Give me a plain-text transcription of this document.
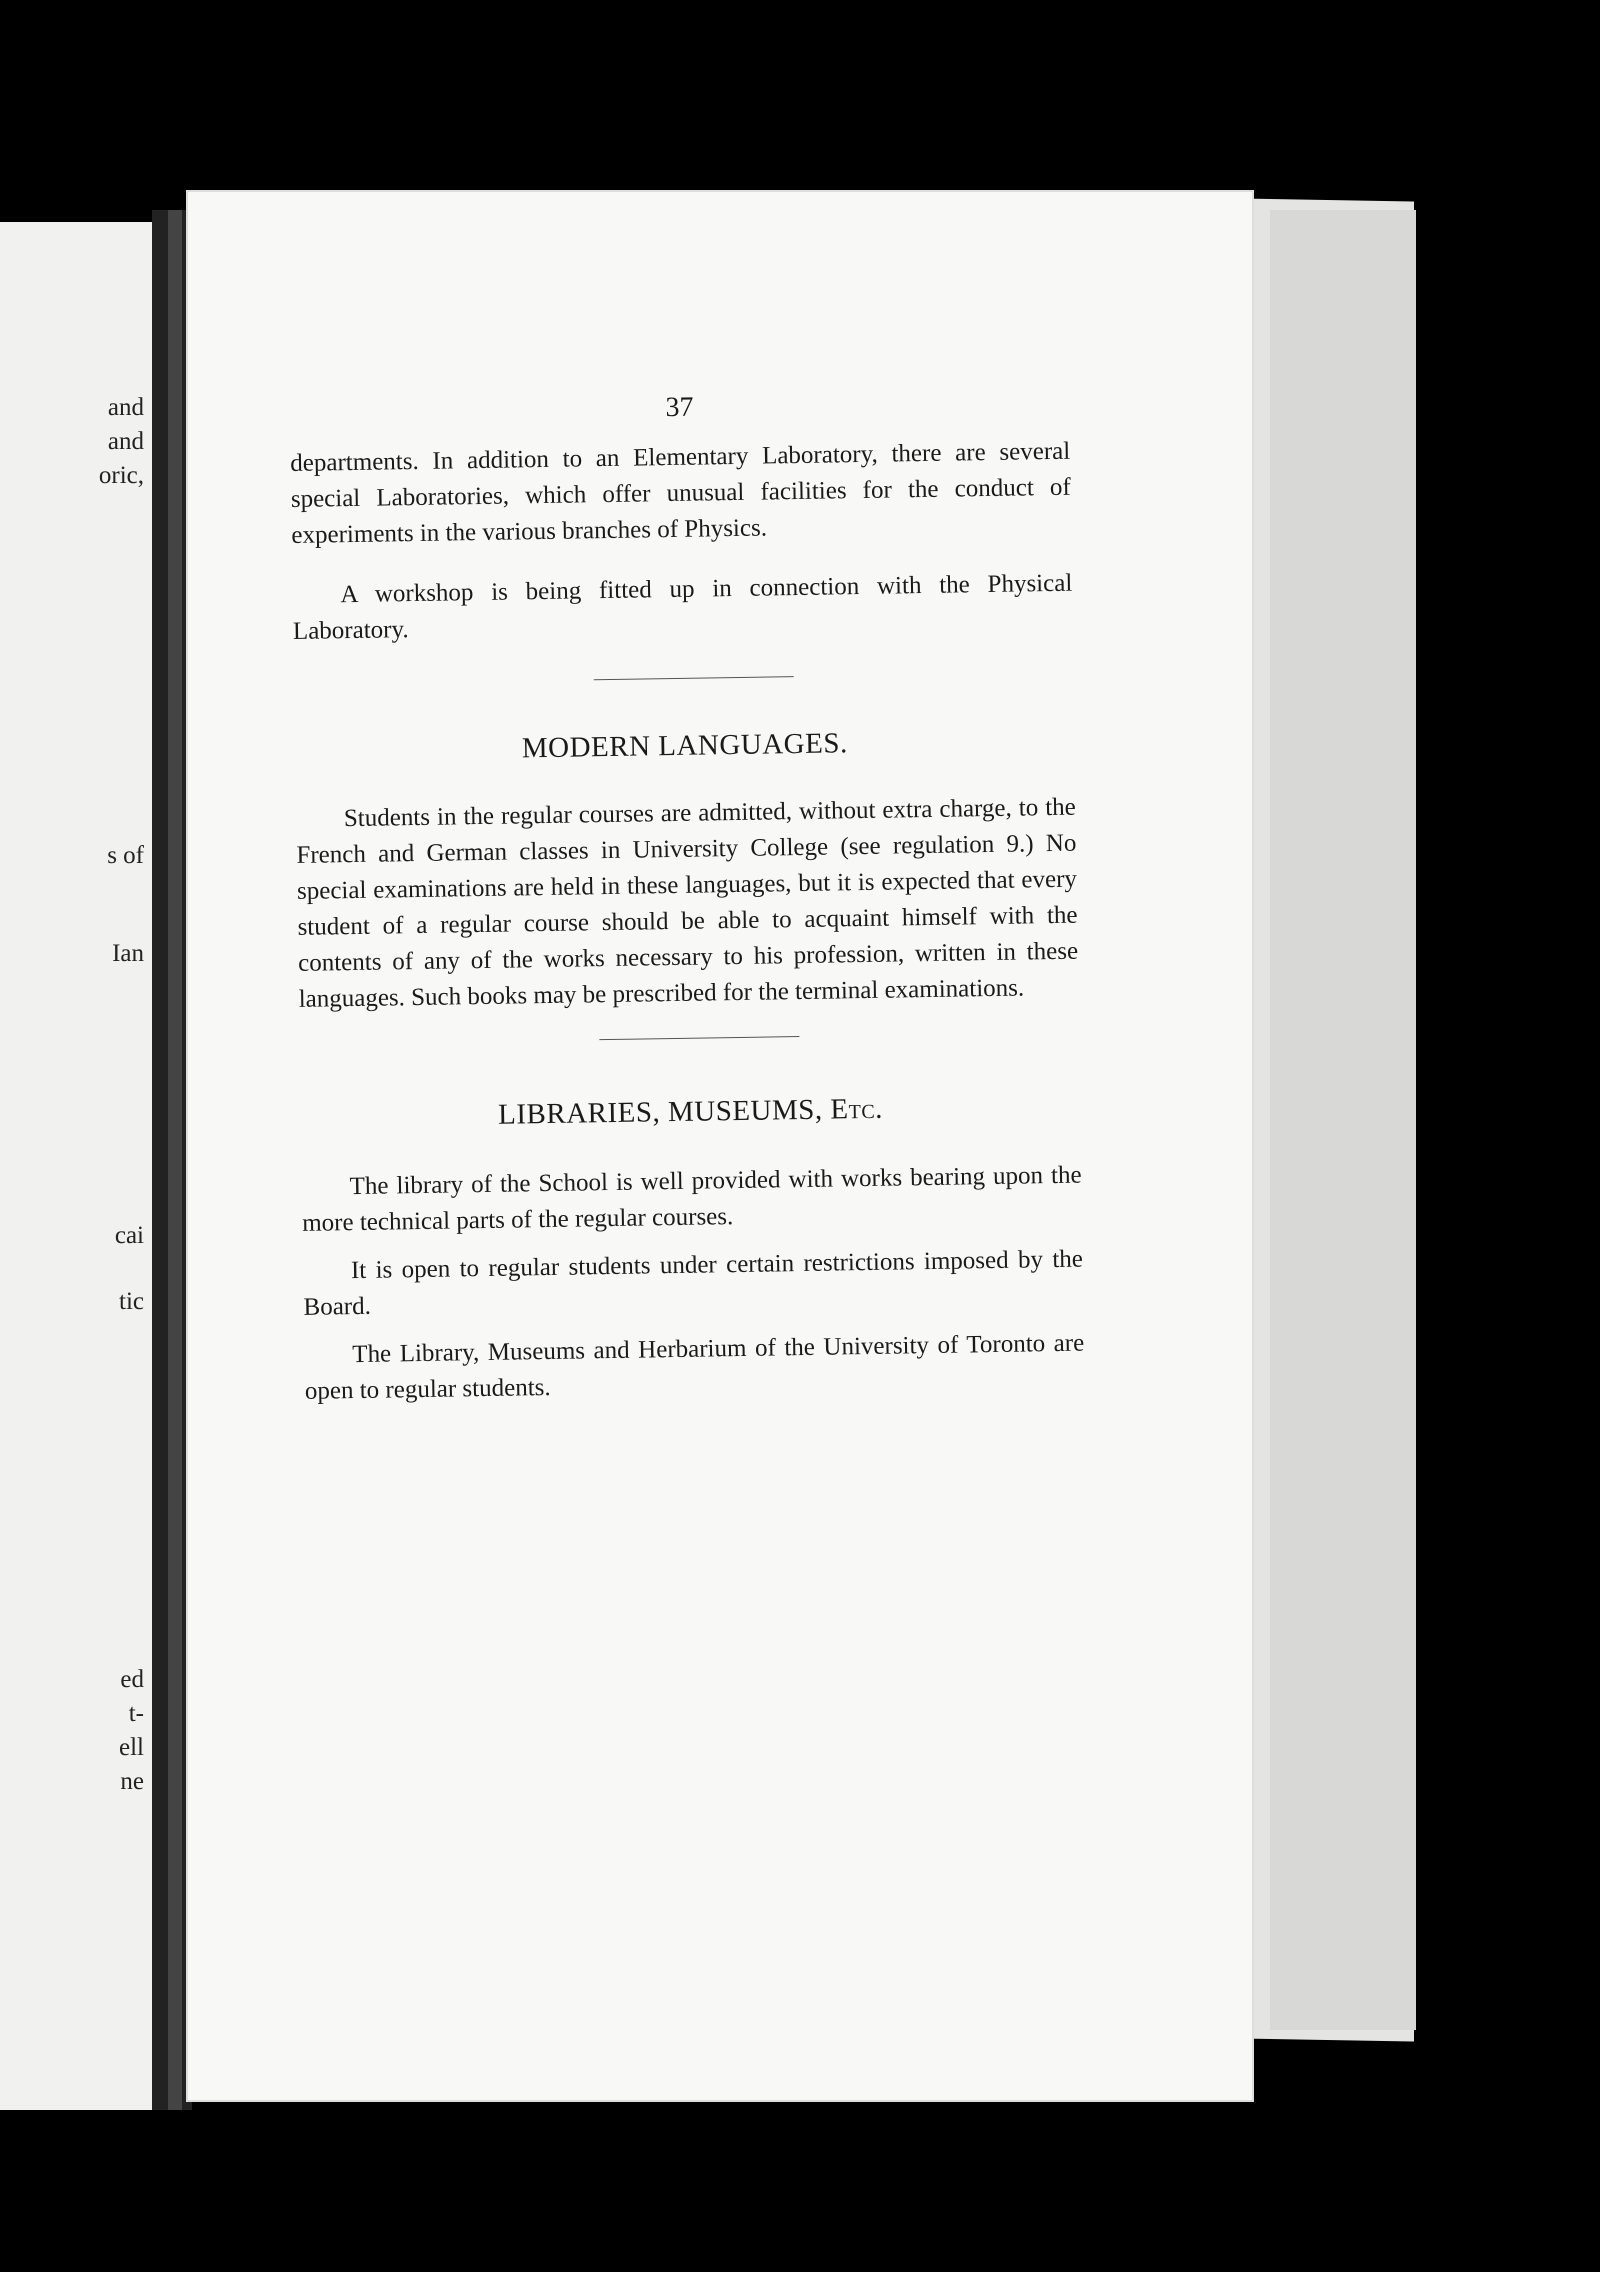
and
and
oric,
s of
Ian
cai
tic
ed
t-
ell
ne
37

departments. In addition to an Elementary Laboratory, there are several special Laboratories, which offer unusual facilities for the conduct of experiments in the various branches of Physics.

A workshop is being fitted up in connection with the Physical Laboratory.

MODERN LANGUAGES.

Students in the regular courses are admitted, without extra charge, to the French and German classes in University College (see regulation 9.) No special examinations are held in these languages, but it is expected that every student of a regular course should be able to acquaint himself with the contents of any of the works necessary to his profession, written in these languages. Such books may be prescribed for the terminal examinations.

LIBRARIES, MUSEUMS, Etc.

The library of the School is well provided with works bearing upon the more technical parts of the regular courses.

It is open to regular students under certain restrictions imposed by the Board.

The Library, Museums and Herbarium of the University of Toronto are open to regular students.
